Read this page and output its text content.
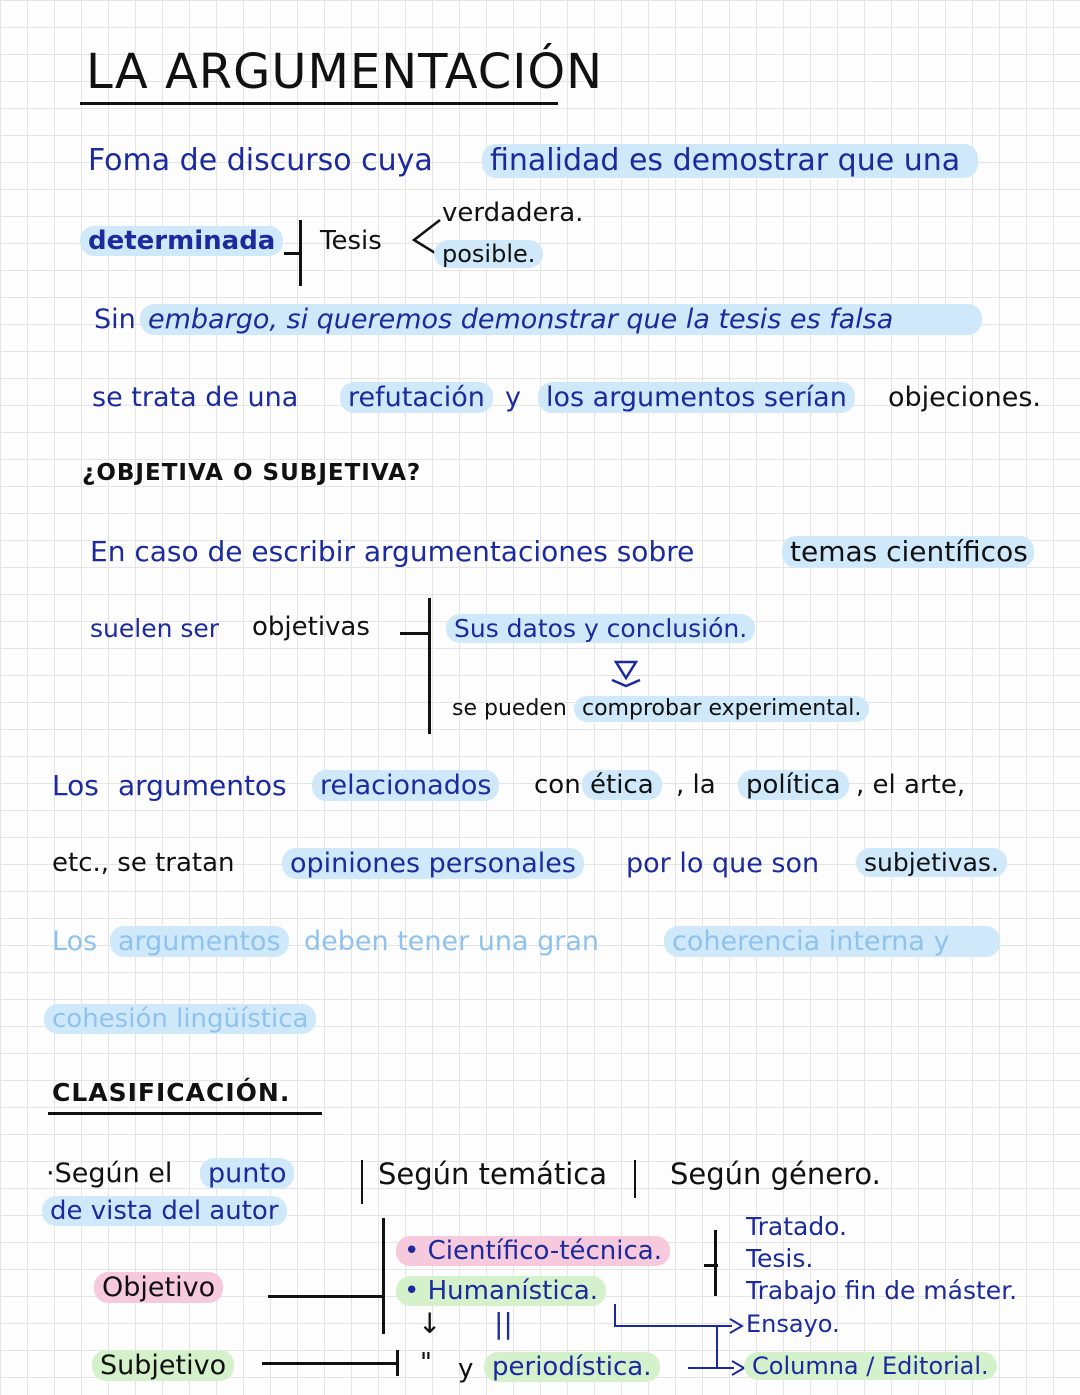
LA ARGUMENTACIÓN
Foma de discurso cuya finalidad es demostrar que una
determinada	Tesis
verdadera.
posible.
Sin embargo, si queremos demonstrar que la tesis es falsa
se trata de una refutación y los argumentos serían objeciones.
¿OBJETIVA O SUBJETIVA?
En caso de escribir argumentaciones sobre	temas científicos
suelen ser objetivas	Sus datos y conclusión.
se pueden comprobar experimental.
Los argumentos relacionados	con ética , la	política , el arte,
etc., se tratan opiniones personales por lo que son	subjetivas.
Los argumentos deben tener una gran	coherencia interna y
cohesión lingüística
CLASIFICACIÓN.
·Según el punto
de vista del autor
Según temática Según género.
Objetivo
Subjetivo
• Científico-técnica.
• Humanística.
↓ ||
" y periodística.
Tratado.
Tesis.
Trabajo fin de máster.
Ensayo.
Columna / Editorial.
